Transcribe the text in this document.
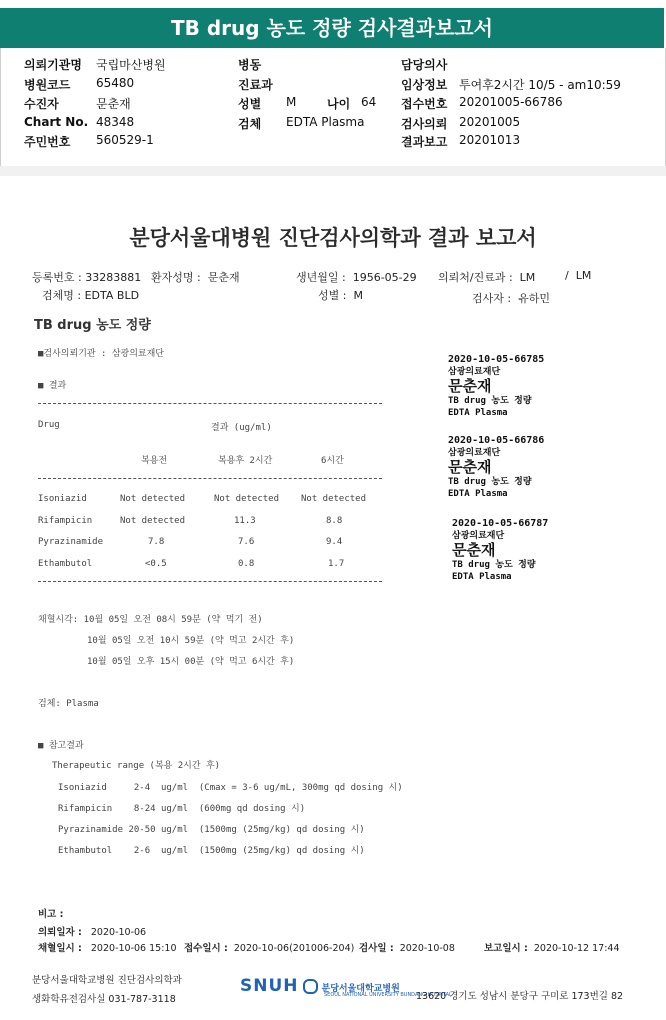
TB drug 농도 정량 검사결과보고서
의뢰기관명 국립마산병원
병원코드 65480
수진자	문춘재
Chart No. 48348
주민번호 560529-1
병동
진료과
성별 M	나이 64
검체 EDTA Plasma
담당의사
임상정보 투여후2시간 10/5 - am10:59
접수번호 20201005-66786
검사의뢰 20201005
결과보고 20201013
분당서울대병원 진단검사의학과 결과 보고서
등록번호 : 33283881 환자성명 : 문춘재	생년월일 : 1956-05-29 의뢰처/진료과 : LM	/ LM
검체명 : EDTA BLD	성별 : M	검사자 : 유하민
TB drug 농도 정량
■검사의뢰기관 : 삼광의료재단
■ 결과
Drug	결과 (ug/ml)
복용전	복용후 2시간	6시간
Isoniazid	Not detected	Not detected Not detected
Rifampicin	Not detected	11.3	8.8
Pyrazinamide	7.8	7.6	9.4
Ethambutol	<0.5	0.8	1.7
채혈시각: 10월 05일 오전 08시 59분 (약 먹기 전)
10월 05일 오전 10시 59분 (약 먹고 2시간 후)
10월 05일 오후 15시 00분 (약 먹고 6시간 후)
검체: Plasma
■ 참고결과
Therapeutic range (복용 2시간 후)
Isoniazid     2-4  ug/ml  (Cmax = 3-6 ug/mL, 300mg qd dosing 시)
Rifampicin    8-24 ug/ml  (600mg qd dosing 시)
Pyrazinamide 20-50 ug/ml  (1500mg (25mg/kg) qd dosing 시)
Ethambutol    2-6  ug/ml  (1500mg (25mg/kg) qd dosing 시)
2020-10-05-66785
삼광의료재단
문춘재
TB drug 농도 정량
EDTA Plasma
2020-10-05-66786
삼광의료재단
문춘재
TB drug 농도 정량
EDTA Plasma
2020-10-05-66787
삼광의료재단
문춘재
TB drug 농도 정량
EDTA Plasma
비고 :
의뢰일자 : 2020-10-06
채혈일시 : 2020-10-06 15:10 접수일시 : 2020-10-06(201006-204) 검사일 : 2020-10-08	보고일시 : 2020-10-12 17:44
분당서울대학교병원 진단검사의학과
생화학유전검사실 031-787-3118
SNUH	분당서울대학교병원
SEOUL NATIONAL UNIVERSITY BUNDANG HOSPITAL
13620 경기도 성남시 분당구 구미로 173번길 82
